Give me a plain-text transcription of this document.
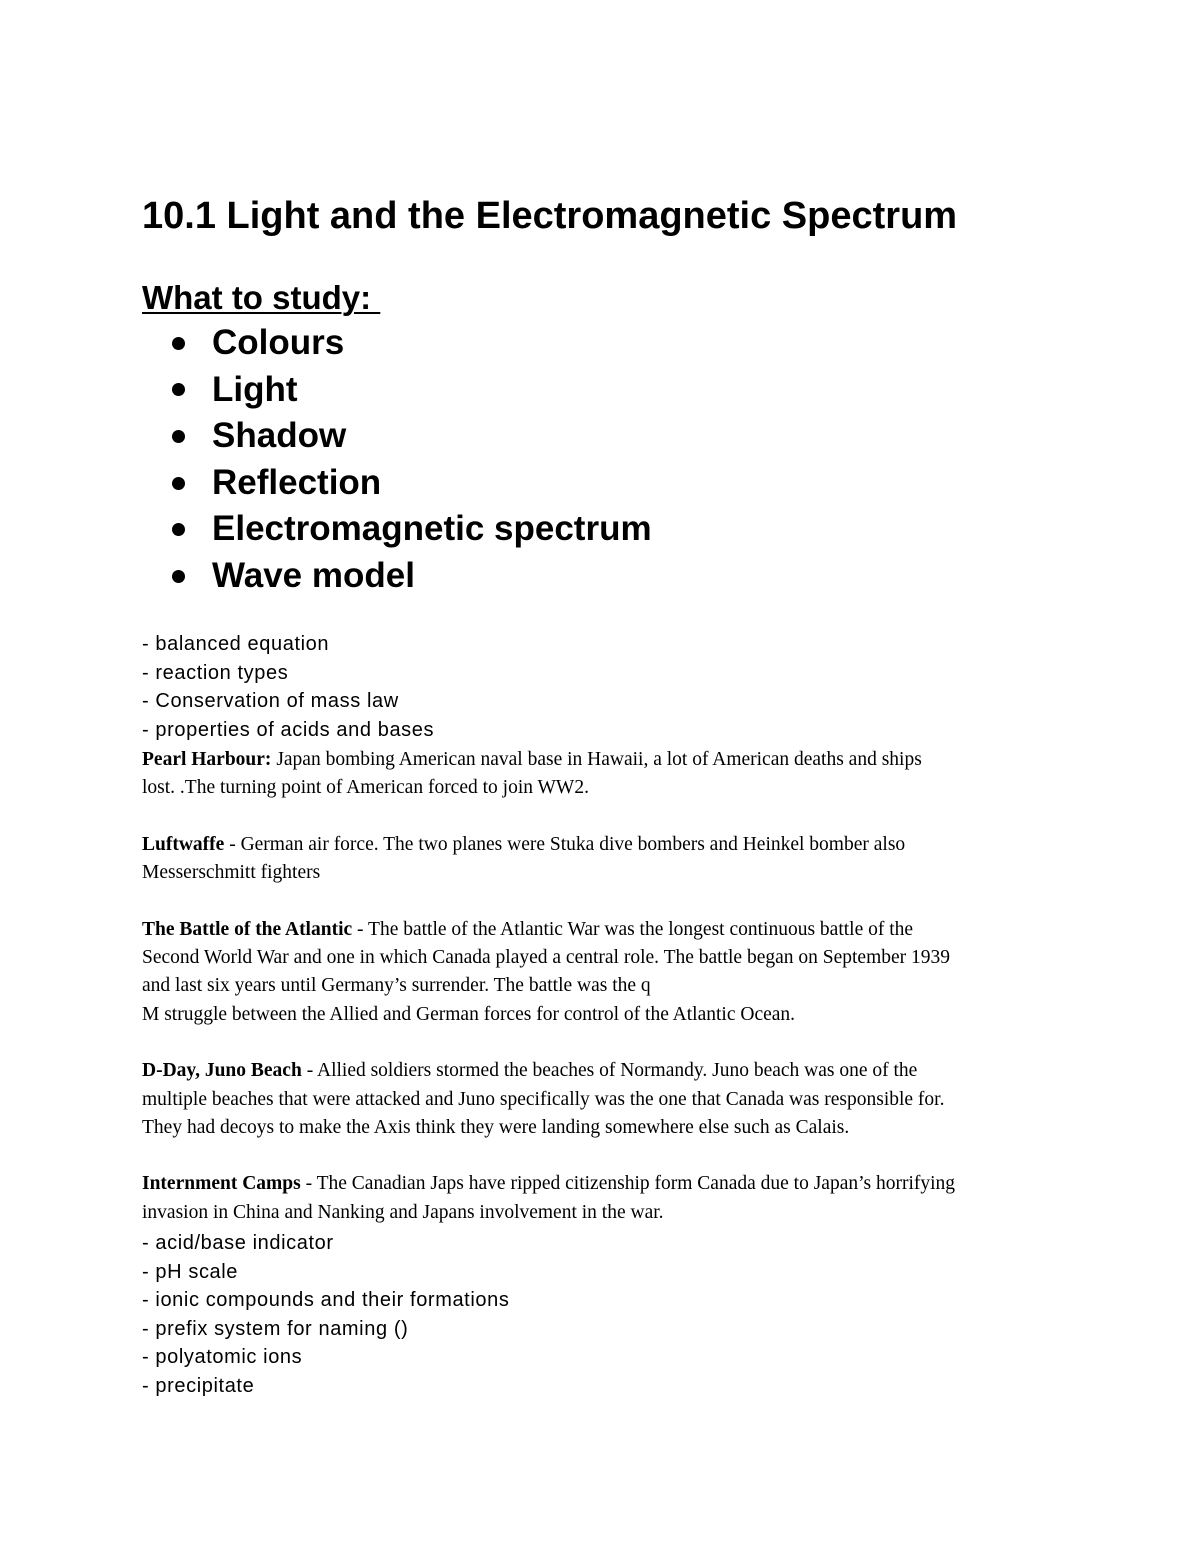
10.1 Light and the Electromagnetic Spectrum
What to study:
Colours
Light
Shadow
Reflection
Electromagnetic spectrum
Wave model
- balanced equation
- reaction types
- Conservation of mass law
- properties of acids and bases

Pearl Harbour: Japan bombing American naval base in Hawaii, a lot of American deaths and ships
lost. .The turning point of American forced to join WW2.

Luftwaffe - German air force. The two planes were Stuka dive bombers and Heinkel bomber also
Messerschmitt fighters

The Battle of the Atlantic - The battle of the Atlantic War was the longest continuous battle of the
Second World War and one in which Canada played a central role. The battle began on September 1939
and last six years until Germany’s surrender. The battle was the q
M struggle between the Allied and German forces for control of the Atlantic Ocean.

D-Day, Juno Beach - Allied soldiers stormed the beaches of Normandy. Juno beach was one of the
multiple beaches that were attacked and Juno specifically was the one that Canada was responsible for.
They had decoys to make the Axis think they were landing somewhere else such as Calais.

Internment Camps - The Canadian Japs have ripped citizenship form Canada due to Japan’s horrifying
invasion in China and Nanking and Japans involvement in the war.

- acid/base indicator
- pH scale
- ionic compounds and their formations
- prefix system for naming ()
- polyatomic ions
- precipitate
